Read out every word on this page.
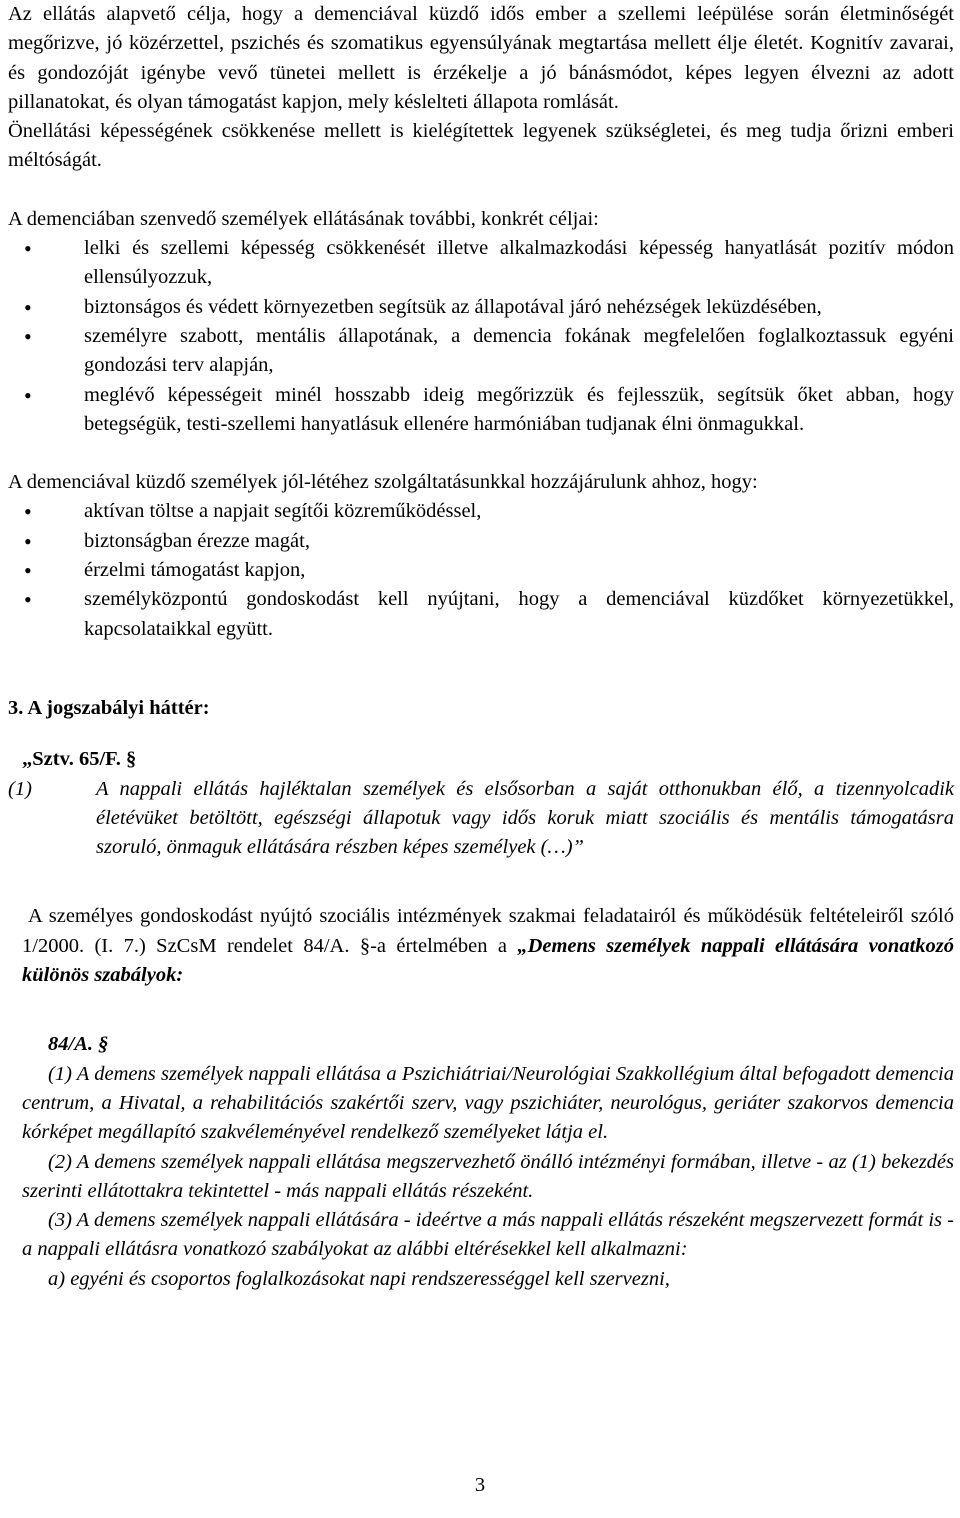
Az ellátás alapvető célja, hogy a demenciával küzdő idős ember a szellemi leépülése során életminőségét megőrizve, jó közérzettel, pszichés és szomatikus egyensúlyának megtartása mellett élje életét. Kognitív zavarai, és gondozóját igénybe vevő tünetei mellett is érzékelje a jó bánásmódot, képes legyen élvezni az adott pillanatokat, és olyan támogatást kapjon, mely késlelteti állapota romlását.

Önellátási képességének csökkenése mellett is kielégítettek legyenek szükségletei, és meg tudja őrizni emberi méltóságát.

A demenciában szenvedő személyek ellátásának további, konkrét céljai:

• lelki és szellemi képesség csökkenését illetve alkalmazkodási képesség hanyatlását pozitív módon ellensúlyozzuk,
• biztonságos és védett környezetben segítsük az állapotával járó nehézségek leküzdésében,
• személyre szabott, mentális állapotának, a demencia fokának megfelelően foglalkoztassuk egyéni gondozási terv alapján,
• meglévő képességeit minél hosszabb ideig megőrizzük és fejlesszük, segítsük őket abban, hogy betegségük, testi-szellemi hanyatlásuk ellenére harmóniában tudjanak élni önmagukkal.

A demenciával küzdő személyek jól-létéhez szolgáltatásunkkal hozzájárulunk ahhoz, hogy:

• aktívan töltse a napjait segítői közreműködéssel,
• biztonságban érezze magát,
• érzelmi támogatást kapjon,
• személyközpontú gondoskodást kell nyújtani, hogy a demenciával küzdőket környezetükkel, kapcsolataikkal együtt.

3. A jogszabályi háttér:

„Sztv. 65/F. §

(1)	A nappali ellátás hajléktalan személyek és elsősorban a saját otthonukban élő, a tizennyolcadik életévüket betöltött, egészségi állapotuk vagy idős koruk miatt szociális és mentális támogatásra szoruló, önmaguk ellátására részben képes személyek (…)”

A személyes gondoskodást nyújtó szociális intézmények szakmai feladatairól és működésük feltételeiről szóló 1/2000. (I. 7.) SzCsM rendelet 84/A. §-a értelmében a „Demens személyek nappali ellátására vonatkozó különös szabályok:

84/A. §

(1) A demens személyek nappali ellátása a Pszichiátriai/Neurológiai Szakkollégium által befogadott demencia centrum, a Hivatal, a rehabilitációs szakértői szerv, vagy pszichiáter, neurológus, geriáter szakorvos demencia kórképet megállapító szakvéleményével rendelkező személyeket látja el.

(2) A demens személyek nappali ellátása megszervezhető önálló intézményi formában, illetve - az (1) bekezdés szerinti ellátottakra tekintettel - más nappali ellátás részeként.

(3) A demens személyek nappali ellátására - ideértve a más nappali ellátás részeként megszervezett formát is - a nappali ellátásra vonatkozó szabályokat az alábbi eltérésekkel kell alkalmazni:

a) egyéni és csoportos foglalkozásokat napi rendszerességgel kell szervezni,

3
